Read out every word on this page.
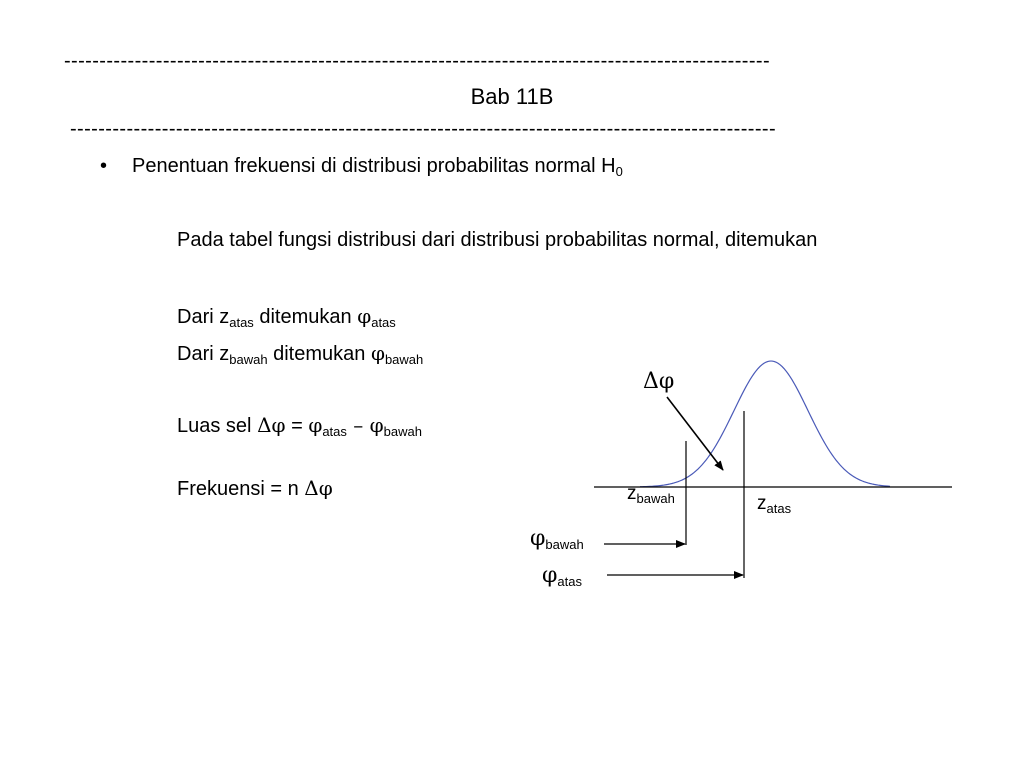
----------------------------------------------------------------------------------------------------
Bab 11B
----------------------------------------------------------------------------------------------------
• Penentuan frekuensi di distribusi probabilitas normal $H_0$
Pada tabel fungsi distribusi dari distribusi probabilitas normal, ditemukan
Dari $z_{atas}$ ditemukan $\varphi_{atas}$
Dari $z_{bawah}$ ditemukan $\varphi_{bawah}$
Luas sel $\Delta\varphi = \varphi_{atas} - \varphi_{bawah}$
Frekuensi = n Δφ
Δφ
$z_{bawah}$	$z_{atas}$
$\varphi_{bawah}$
$\varphi_{atas}$
